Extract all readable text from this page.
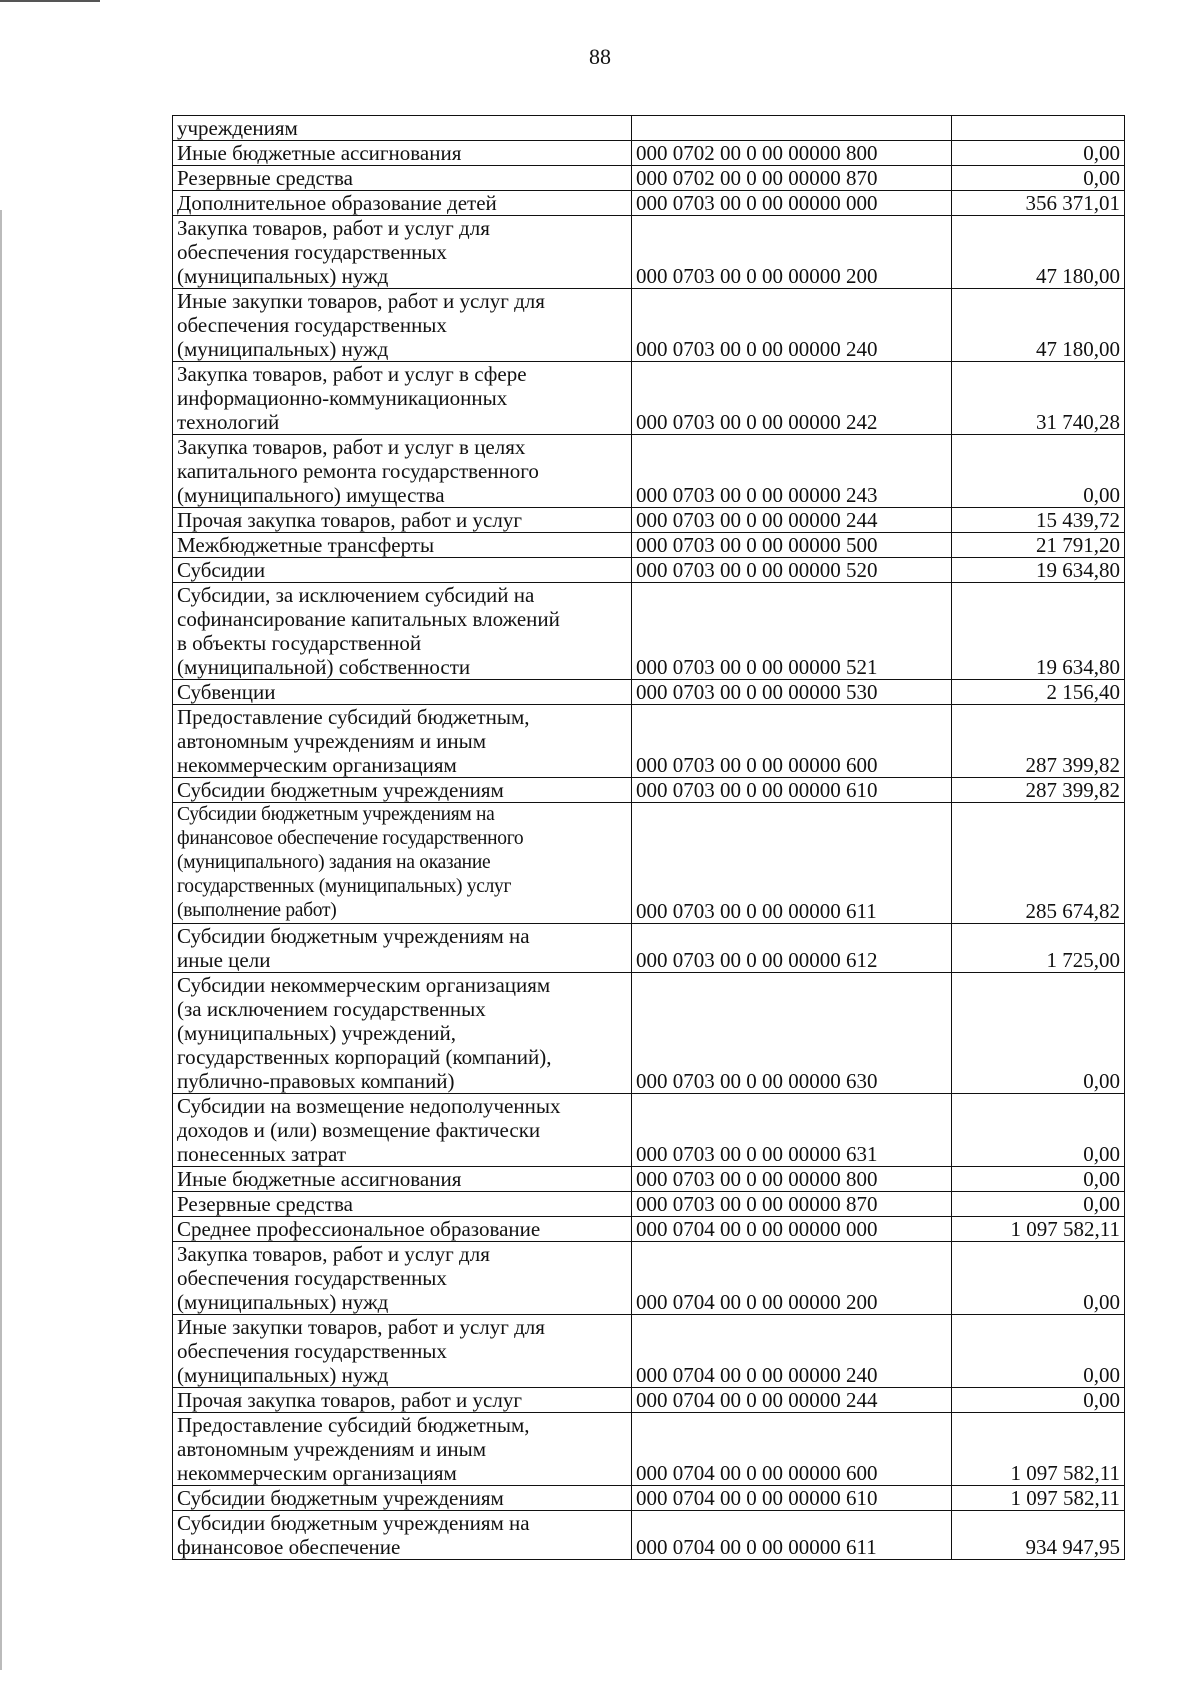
88
учреждениям		
Иные бюджетные ассигнования	000 0702 00 0 00 00000 800	0,00
Резервные средства	000 0702 00 0 00 00000 870	0,00
Дополнительное образование детей	000 0703 00 0 00 00000 000	356 371,01
Закупка товаров, работ и услуг для
обеспечения государственных
(муниципальных) нужд	000 0703 00 0 00 00000 200	47 180,00
Иные закупки товаров, работ и услуг для
обеспечения государственных
(муниципальных) нужд	000 0703 00 0 00 00000 240	47 180,00
Закупка товаров, работ и услуг в сфере
информационно-коммуникационных
технологий	000 0703 00 0 00 00000 242	31 740,28
Закупка товаров, работ и услуг в целях
капитального ремонта государственного
(муниципального) имущества	000 0703 00 0 00 00000 243	0,00
Прочая закупка товаров, работ и услуг	000 0703 00 0 00 00000 244	15 439,72
Межбюджетные трансферты	000 0703 00 0 00 00000 500	21 791,20
Субсидии	000 0703 00 0 00 00000 520	19 634,80
Субсидии, за исключением субсидий на
софинансирование капитальных вложений
в объекты государственной
(муниципальной) собственности	000 0703 00 0 00 00000 521	19 634,80
Субвенции	000 0703 00 0 00 00000 530	2 156,40
Предоставление субсидий бюджетным,
автономным учреждениям и иным
некоммерческим организациям	000 0703 00 0 00 00000 600	287 399,82
Субсидии бюджетным учреждениям	000 0703 00 0 00 00000 610	287 399,82
Субсидии бюджетным учреждениям на
финансовое обеспечение государственного
(муниципального) задания на оказание
государственных (муниципальных) услуг
(выполнение работ)	000 0703 00 0 00 00000 611	285 674,82
Субсидии бюджетным учреждениям на
иные цели	000 0703 00 0 00 00000 612	1 725,00
Субсидии некоммерческим организациям
(за исключением государственных
(муниципальных) учреждений,
государственных корпораций (компаний),
публично-правовых компаний)	000 0703 00 0 00 00000 630	0,00
Субсидии на возмещение недополученных
доходов и (или) возмещение фактически
понесенных затрат	000 0703 00 0 00 00000 631	0,00
Иные бюджетные ассигнования	000 0703 00 0 00 00000 800	0,00
Резервные средства	000 0703 00 0 00 00000 870	0,00
Среднее профессиональное образование	000 0704 00 0 00 00000 000	1 097 582,11
Закупка товаров, работ и услуг для
обеспечения государственных
(муниципальных) нужд	000 0704 00 0 00 00000 200	0,00
Иные закупки товаров, работ и услуг для
обеспечения государственных
(муниципальных) нужд	000 0704 00 0 00 00000 240	0,00
Прочая закупка товаров, работ и услуг	000 0704 00 0 00 00000 244	0,00
Предоставление субсидий бюджетным,
автономным учреждениям и иным
некоммерческим организациям	000 0704 00 0 00 00000 600	1 097 582,11
Субсидии бюджетным учреждениям	000 0704 00 0 00 00000 610	1 097 582,11
Субсидии бюджетным учреждениям на
финансовое обеспечение	000 0704 00 0 00 00000 611	934 947,95
